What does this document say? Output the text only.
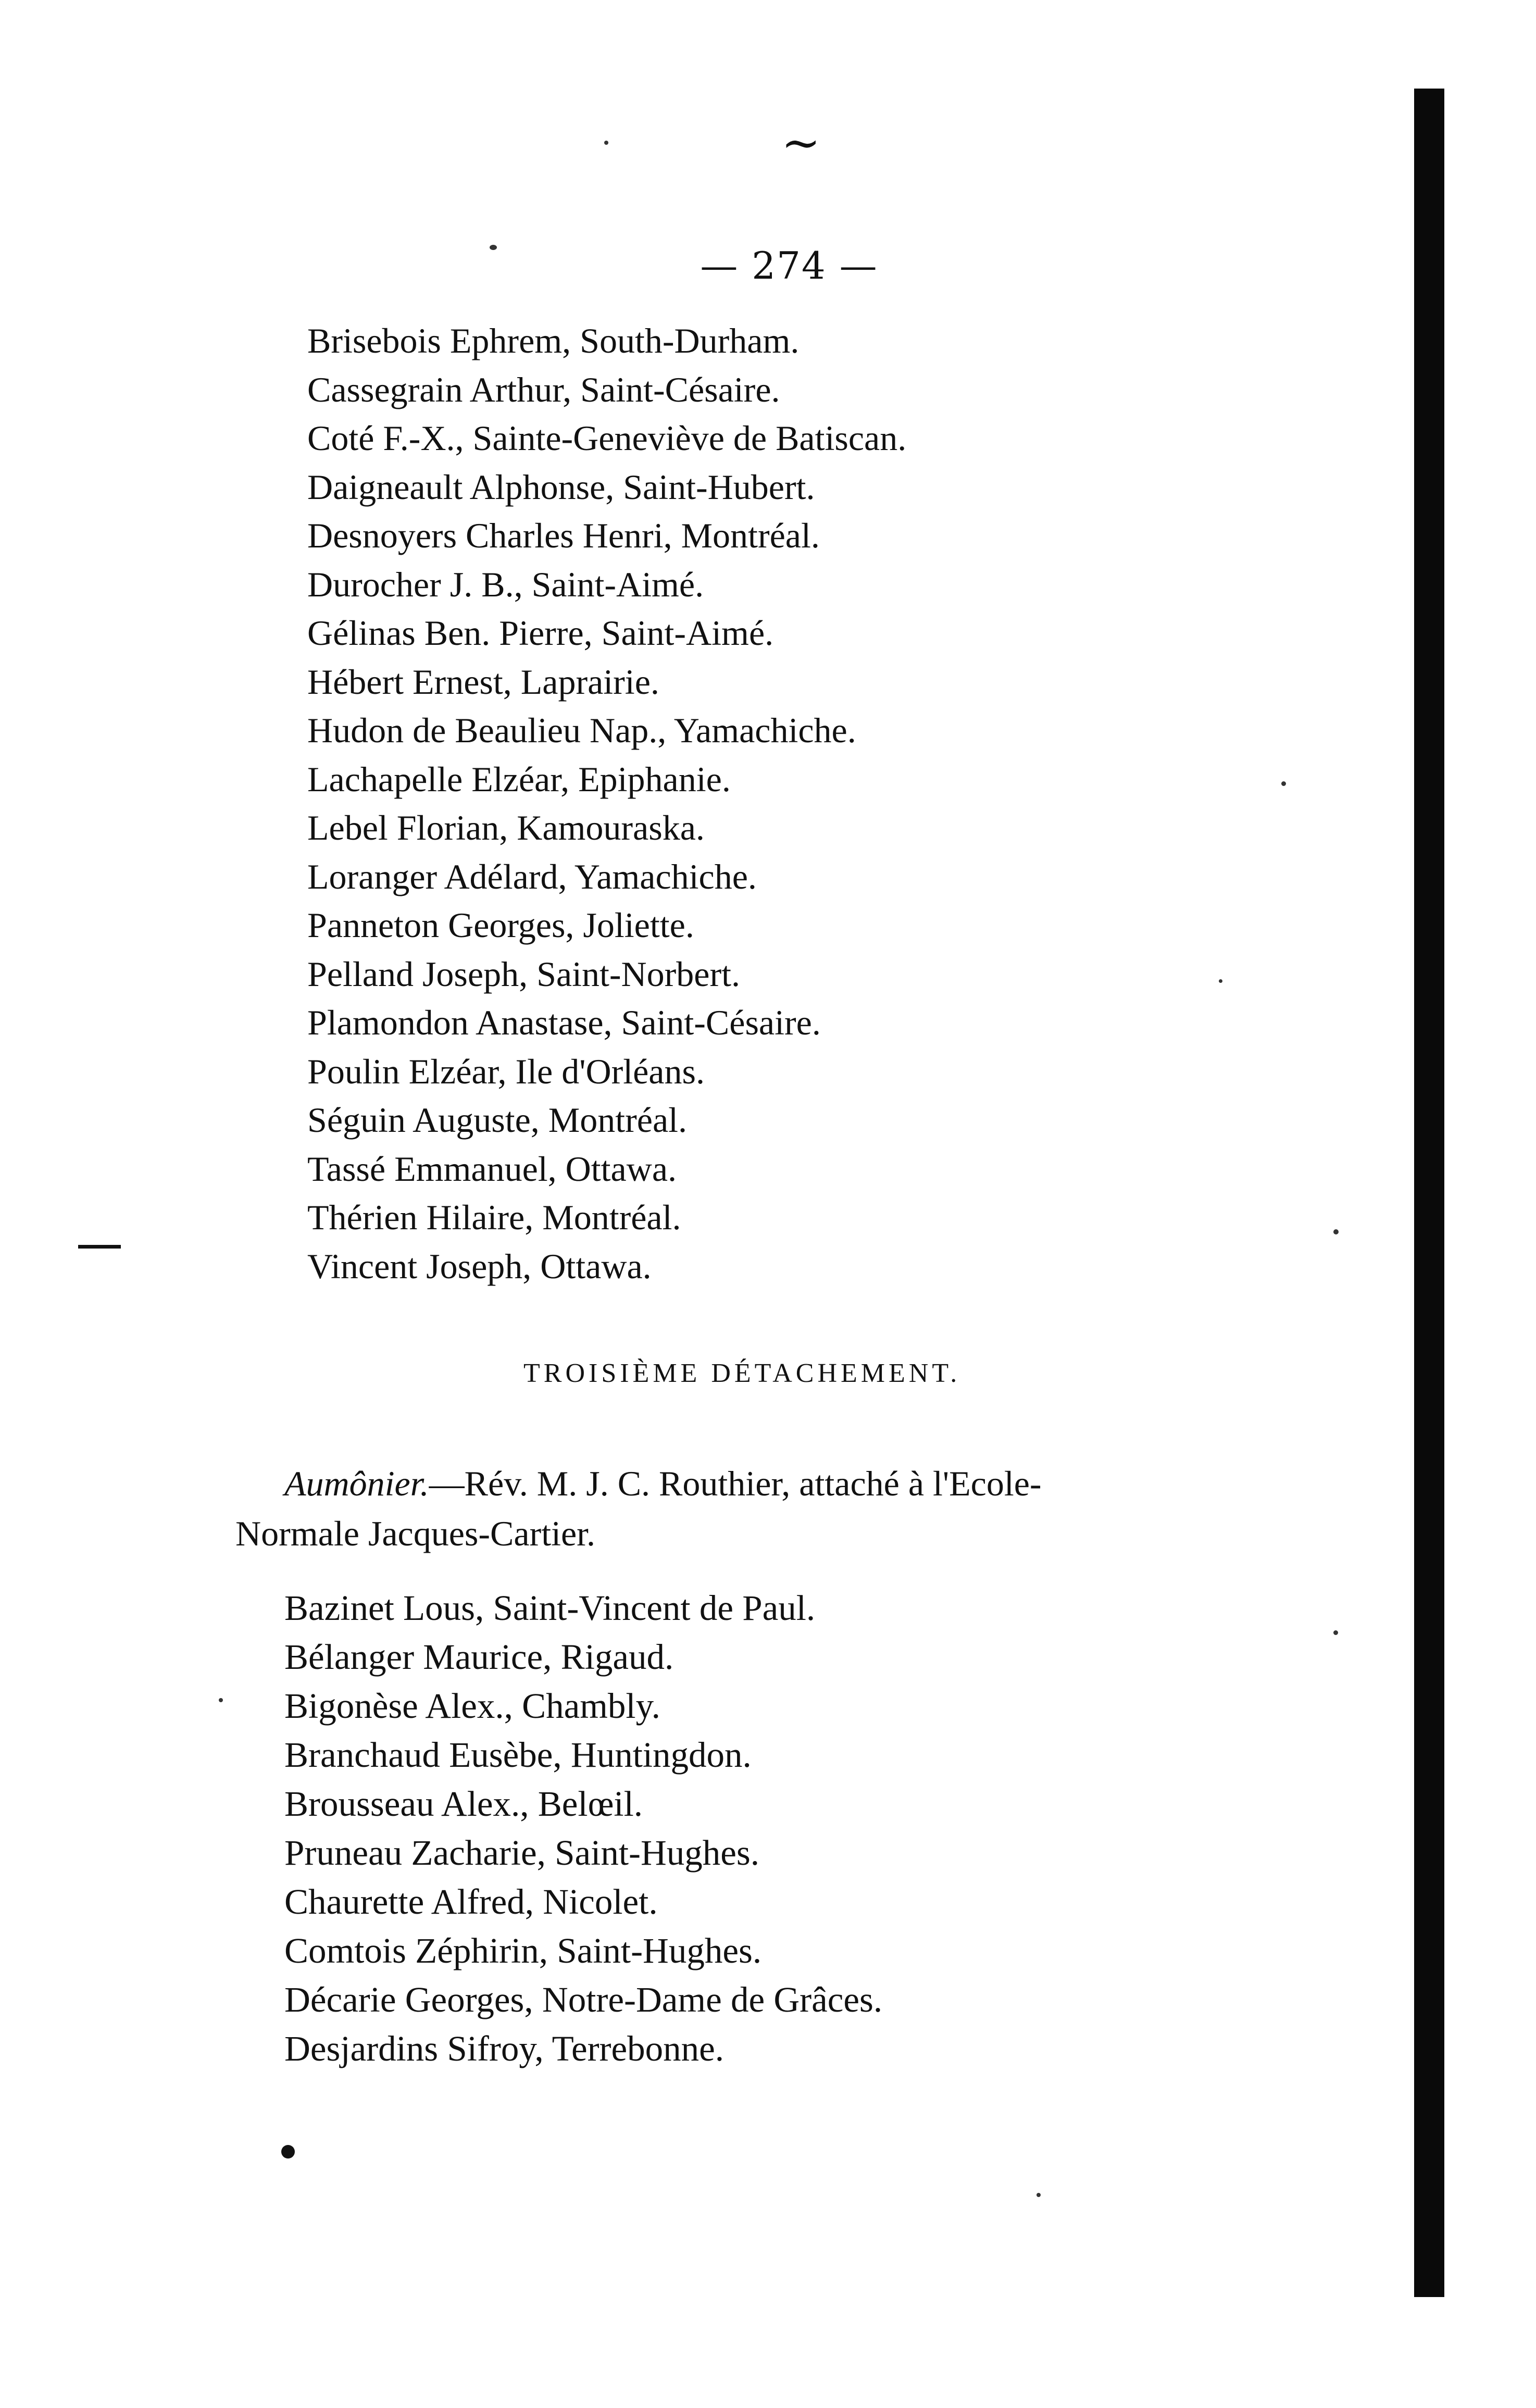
∼
— 274 —
Brisebois Ephrem, South-Durham.
Cassegrain Arthur, Saint-Césaire.
Coté F.-X., Sainte-Geneviève de Batiscan.
Daigneault Alphonse, Saint-Hubert.
Desnoyers Charles Henri, Montréal.
Durocher J. B., Saint-Aimé.
Gélinas Ben. Pierre, Saint-Aimé.
Hébert Ernest, Laprairie.
Hudon de Beaulieu Nap., Yamachiche.
Lachapelle Elzéar, Epiphanie.
Lebel Florian, Kamouraska.
Loranger Adélard, Yamachiche.
Panneton Georges, Joliette.
Pelland Joseph, Saint-Norbert.
Plamondon Anastase, Saint-Césaire.
Poulin Elzéar, Ile d'Orléans.
Séguin Auguste, Montréal.
Tassé Emmanuel, Ottawa.
Thérien Hilaire, Montréal.
Vincent Joseph, Ottawa.
TROISIÈME DÉTACHEMENT.
Aumônier.—Rév. M. J. C. Routhier, attaché à l'Ecole-
Normale Jacques-Cartier.
Bazinet Lous, Saint-Vincent de Paul.
Bélanger Maurice, Rigaud.
Bigonèse Alex., Chambly.
Branchaud Eusèbe, Huntingdon.
Brousseau Alex., Belœil.
Pruneau Zacharie, Saint-Hughes.
Chaurette Alfred, Nicolet.
Comtois Zéphirin, Saint-Hughes.
Décarie Georges, Notre-Dame de Grâces.
Desjardins Sifroy, Terrebonne.
